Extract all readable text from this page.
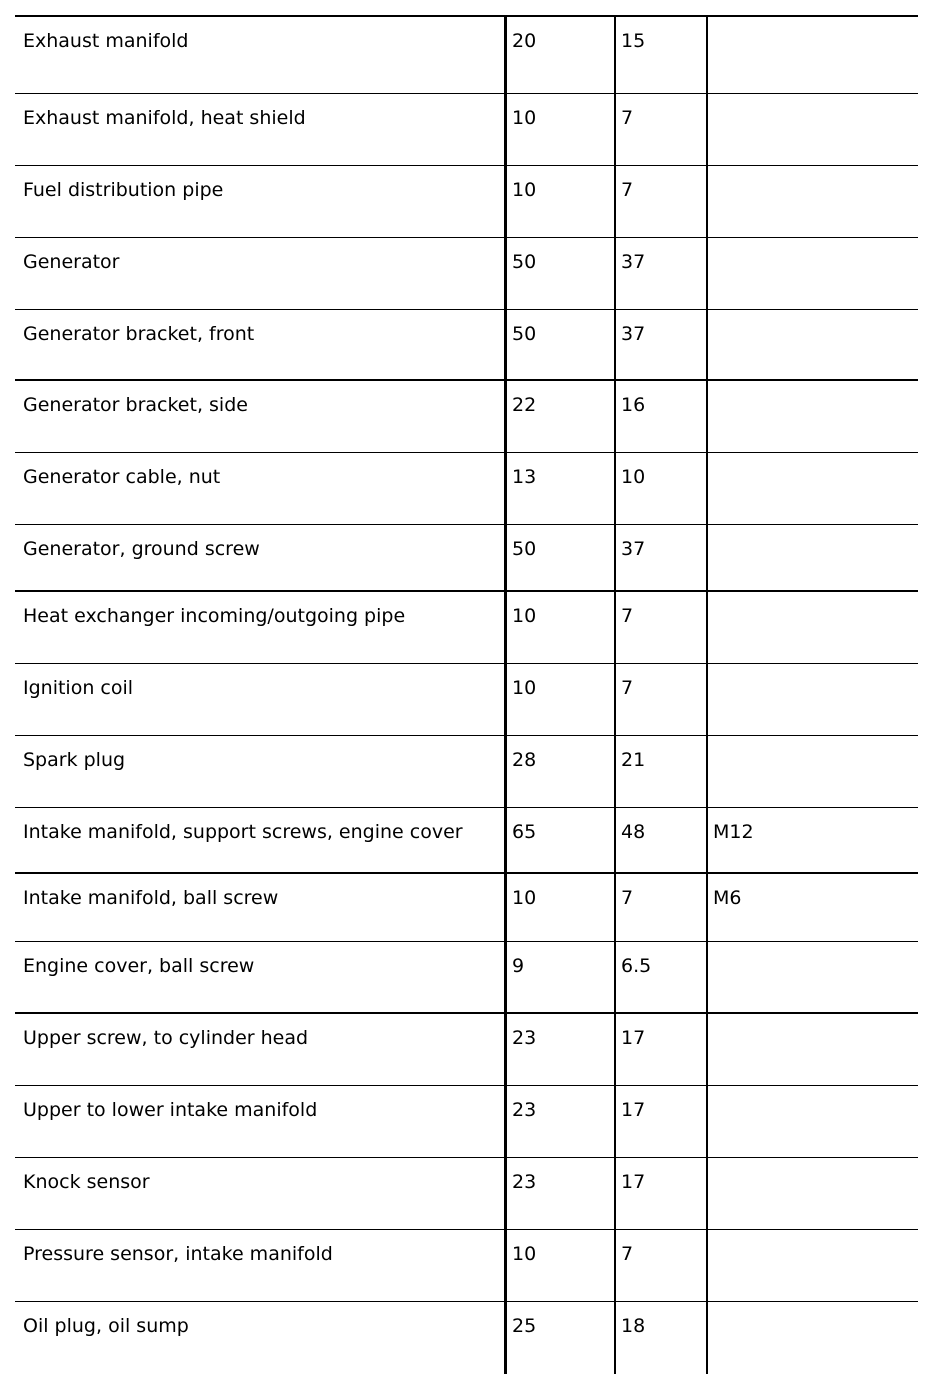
Exhaust manifold	20	15
Exhaust manifold, heat shield	10	7
Fuel distribution pipe	10	7
Generator	50	37
Generator bracket, front	50	37
Generator bracket, side	22	16
Generator cable, nut	13	10
Generator, ground screw	50	37
Heat exchanger incoming/outgoing pipe	10	7
Ignition coil	10	7
Spark plug	28	21
Intake manifold, support screws, engine cover	65	48	M12
Intake manifold, ball screw	10	7	M6
Engine cover, ball screw	9	6.5
Upper screw, to cylinder head	23	17
Upper to lower intake manifold	23	17
Knock sensor	23	17
Pressure sensor, intake manifold	10	7
Oil plug, oil sump	25	18
